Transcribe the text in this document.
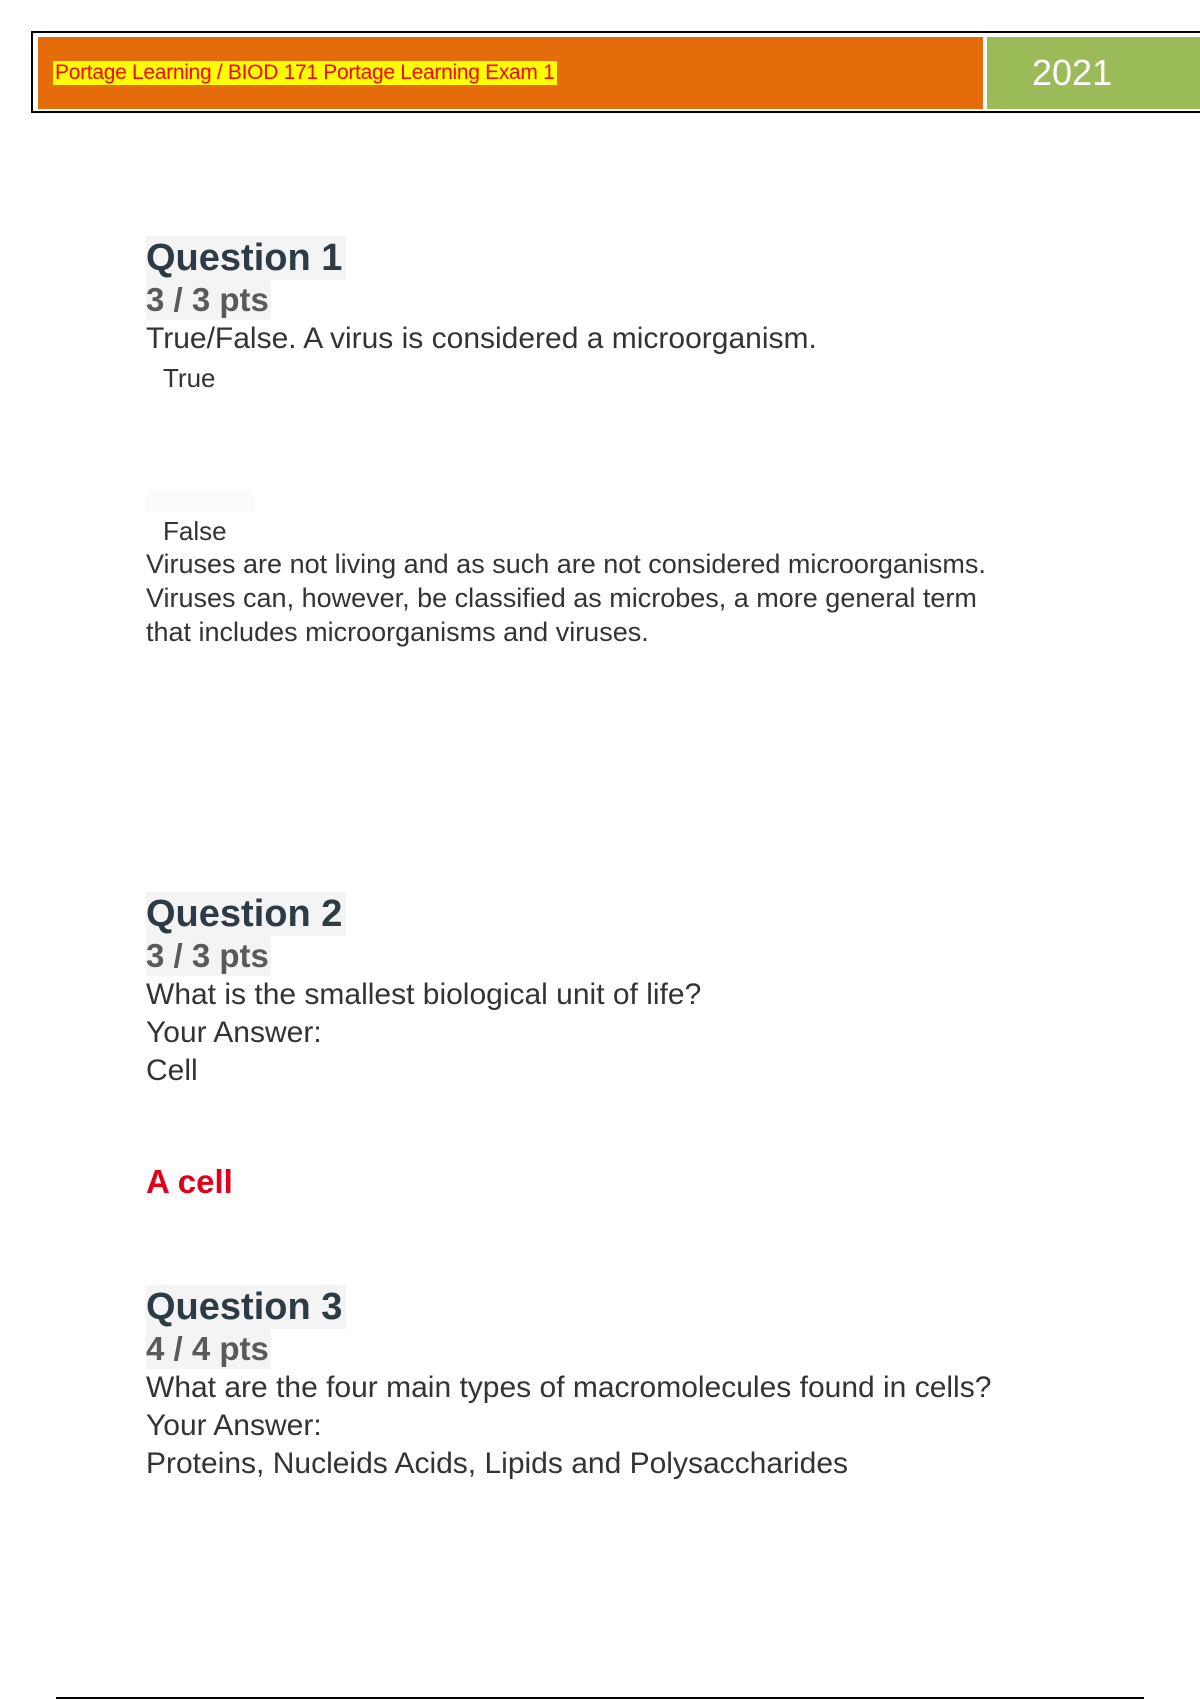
Portage Learning / BIOD 171 Portage Learning Exam 1	2021
Question 1
3 / 3 pts
True/False. A virus is considered a microorganism.
True
False
Viruses are not living and as such are not considered microorganisms.
Viruses can, however, be classified as microbes, a more general term
that includes microorganisms and viruses.
Question 2
3 / 3 pts
What is the smallest biological unit of life?
Your Answer:
Cell
A cell
Question 3
4 / 4 pts
What are the four main types of macromolecules found in cells?
Your Answer:
Proteins, Nucleids Acids, Lipids and Polysaccharides
